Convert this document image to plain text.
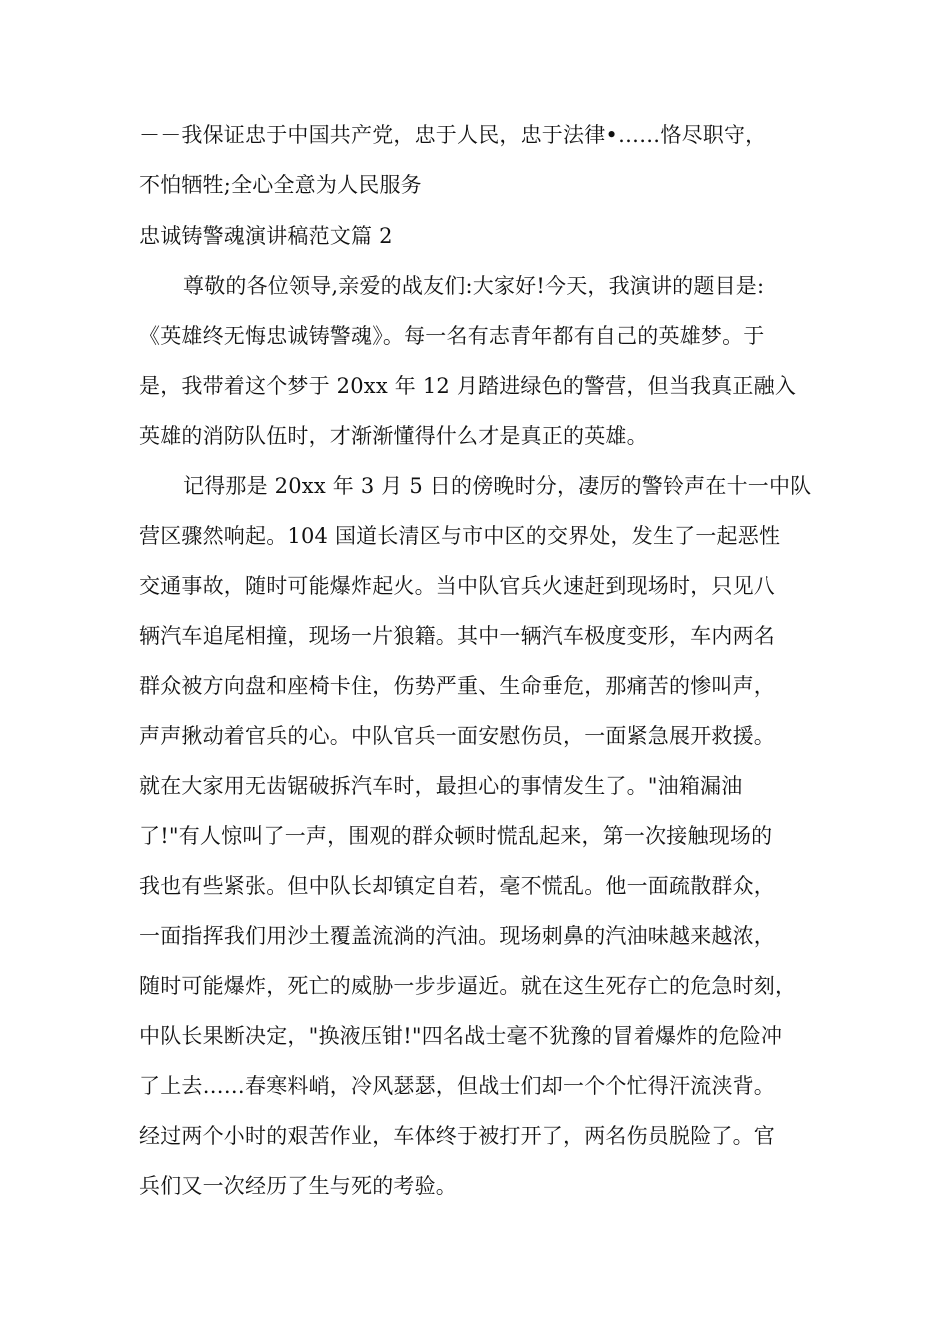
－－我保证忠于中国共产党，忠于人民，忠于法律•……恪尽职守，
不怕牺牲;全心全意为人民服务
忠诚铸警魂演讲稿范文篇 2
尊敬的各位领导,亲爱的战友们:大家好!今天，我演讲的题目是:
《英雄终无悔忠诚铸警魂》。每一名有志青年都有自己的英雄梦。于
是，我带着这个梦于 20xx 年 12 月踏进绿色的警营，但当我真正融入
英雄的消防队伍时，才渐渐懂得什么才是真正的英雄。
记得那是 20xx 年 3 月 5 日的傍晚时分，凄厉的警铃声在十一中队
营区骤然响起。104 国道长清区与市中区的交界处，发生了一起恶性
交通事故，随时可能爆炸起火。当中队官兵火速赶到现场时，只见八
辆汽车追尾相撞，现场一片狼籍。其中一辆汽车极度变形，车内两名
群众被方向盘和座椅卡住，伤势严重、生命垂危，那痛苦的惨叫声，
声声揪动着官兵的心。中队官兵一面安慰伤员，一面紧急展开救援。
就在大家用无齿锯破拆汽车时，最担心的事情发生了。"油箱漏油
了!"有人惊叫了一声，围观的群众顿时慌乱起来，第一次接触现场的
我也有些紧张。但中队长却镇定自若，毫不慌乱。他一面疏散群众，
一面指挥我们用沙土覆盖流淌的汽油。现场刺鼻的汽油味越来越浓，
随时可能爆炸，死亡的威胁一步步逼近。就在这生死存亡的危急时刻，
中队长果断决定，"换液压钳!"四名战士毫不犹豫的冒着爆炸的危险冲
了上去……春寒料峭，冷风瑟瑟，但战士们却一个个忙得汗流浃背。
经过两个小时的艰苦作业，车体终于被打开了，两名伤员脱险了。官
兵们又一次经历了生与死的考验。
